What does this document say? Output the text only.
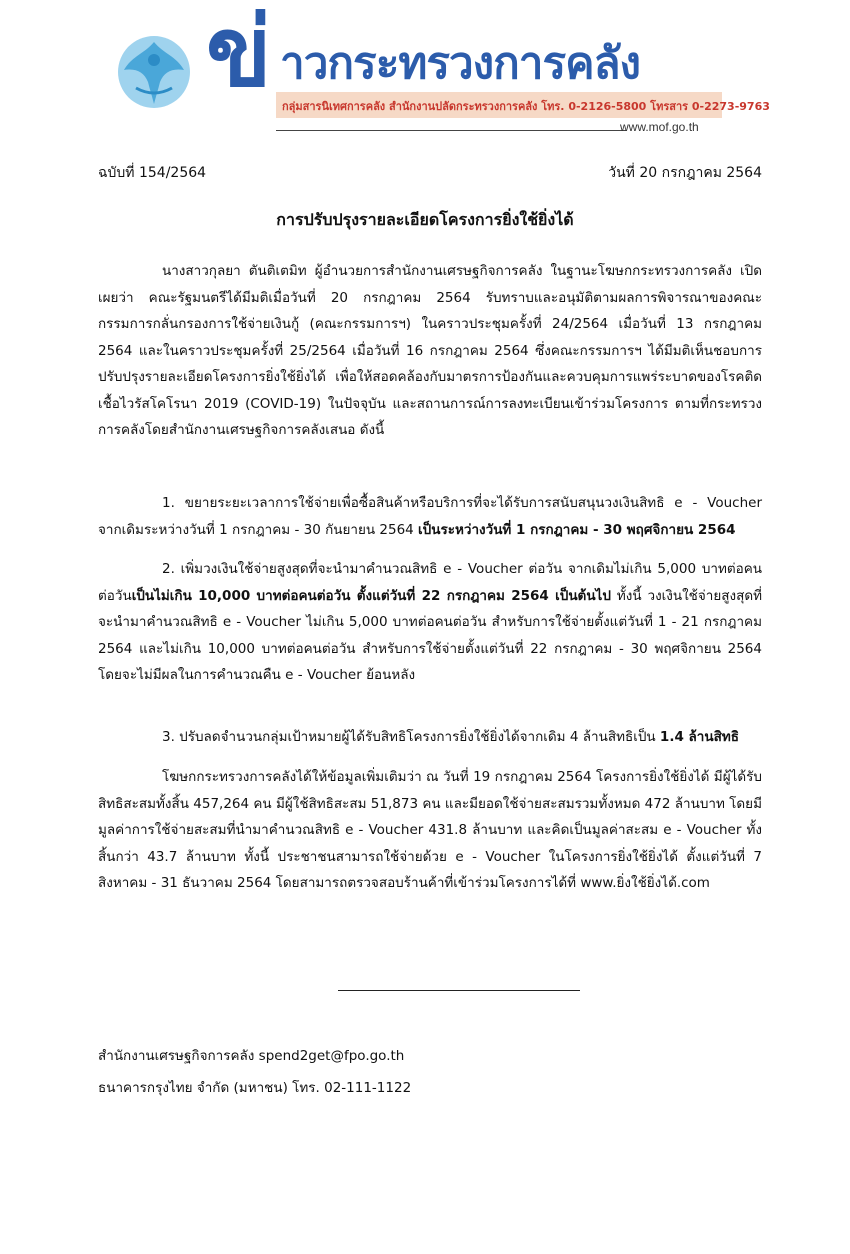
ข่ าวกระทรวงการคลัง
กลุ่มสารนิเทศการคลัง สำนักงานปลัดกระทรวงการคลัง โทร. 0-2126-5800 โทรสาร 0-2273-9763
www.mof.go.th
ฉบับที่ 154/2564	วันที่ 20 กรกฎาคม 2564
การปรับปรุงรายละเอียดโครงการยิ่งใช้ยิ่งได้

นางสาวกุลยา ตันติเตมิท ผู้อำนวยการสำนักงานเศรษฐกิจการคลัง ในฐานะโฆษกกระทรวงการคลัง เปิดเผยว่า คณะรัฐมนตรีได้มีมติเมื่อวันที่ 20 กรกฎาคม 2564 รับทราบและอนุมัติตามผลการพิจารณาของคณะกรรมการกลั่นกรองการใช้จ่ายเงินกู้ (คณะกรรมการฯ) ในคราวประชุมครั้งที่ 24/2564 เมื่อวันที่ 13 กรกฎาคม 2564 และในคราวประชุมครั้งที่ 25/2564 เมื่อวันที่ 16 กรกฎาคม 2564 ซึ่งคณะกรรมการฯ ได้มีมติเห็นชอบการปรับปรุงรายละเอียดโครงการยิ่งใช้ยิ่งได้ เพื่อให้สอดคล้องกับมาตรการป้องกันและควบคุมการแพร่ระบาดของโรคติดเชื้อไวรัสโคโรนา 2019 (COVID-19) ในปัจจุบัน และสถานการณ์การลงทะเบียนเข้าร่วมโครงการ ตามที่กระทรวงการคลังโดยสำนักงานเศรษฐกิจการคลังเสนอ ดังนี้

1. ขยายระยะเวลาการใช้จ่ายเพื่อซื้อสินค้าหรือบริการที่จะได้รับการสนับสนุนวงเงินสิทธิ e - Voucher จากเดิมระหว่างวันที่ 1 กรกฎาคม - 30 กันยายน 2564 เป็นระหว่างวันที่ 1 กรกฎาคม - 30 พฤศจิกายน 2564

2. เพิ่มวงเงินใช้จ่ายสูงสุดที่จะนำมาคำนวณสิทธิ e - Voucher ต่อวัน จากเดิมไม่เกิน 5,000 บาทต่อคนต่อวันเป็นไม่เกิน 10,000 บาทต่อคนต่อวัน ตั้งแต่วันที่ 22 กรกฎาคม 2564 เป็นต้นไป ทั้งนี้ วงเงินใช้จ่ายสูงสุดที่จะนำมาคำนวณสิทธิ e - Voucher ไม่เกิน 5,000 บาทต่อคนต่อวัน สำหรับการใช้จ่ายตั้งแต่วันที่ 1 - 21 กรกฎาคม 2564 และไม่เกิน 10,000 บาทต่อคนต่อวัน สำหรับการใช้จ่ายตั้งแต่วันที่ 22 กรกฎาคม - 30 พฤศจิกายน 2564 โดยจะไม่มีผลในการคำนวณคืน e - Voucher ย้อนหลัง

3. ปรับลดจำนวนกลุ่มเป้าหมายผู้ได้รับสิทธิโครงการยิ่งใช้ยิ่งได้จากเดิม 4 ล้านสิทธิเป็น 1.4 ล้านสิทธิ

โฆษกกระทรวงการคลังได้ให้ข้อมูลเพิ่มเติมว่า ณ วันที่ 19 กรกฎาคม 2564 โครงการยิ่งใช้ยิ่งได้ มีผู้ได้รับสิทธิสะสมทั้งสิ้น 457,264 คน มีผู้ใช้สิทธิสะสม 51,873 คน และมียอดใช้จ่ายสะสมรวมทั้งหมด 472 ล้านบาท โดยมีมูลค่าการใช้จ่ายสะสมที่นำมาคำนวณสิทธิ e - Voucher 431.8 ล้านบาท และคิดเป็นมูลค่าสะสม e - Voucher ทั้งสิ้นกว่า 43.7 ล้านบาท ทั้งนี้ ประชาชนสามารถใช้จ่ายด้วย e - Voucher ในโครงการยิ่งใช้ยิ่งได้ ตั้งแต่วันที่ 7 สิงหาคม - 31 ธันวาคม 2564 โดยสามารถตรวจสอบร้านค้าที่เข้าร่วมโครงการได้ที่ www.ยิ่งใช้ยิ่งได้.com

สำนักงานเศรษฐกิจการคลัง spend2get@fpo.go.th
ธนาคารกรุงไทย จำกัด (มหาชน) โทร. 02-111-1122
